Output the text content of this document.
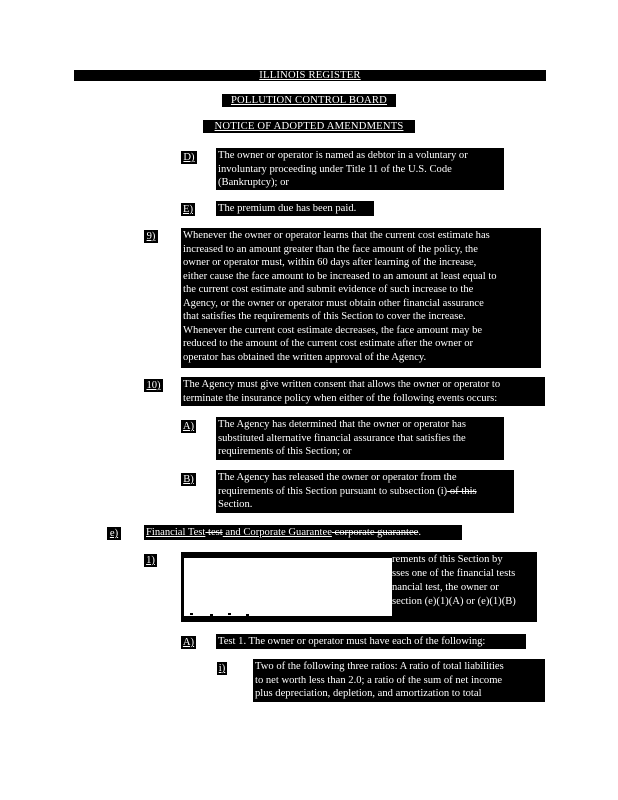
ILLINOIS REGISTER
POLLUTION CONTROL BOARD
NOTICE OF ADOPTED AMENDMENTS
D) The owner or operator is named as debtor in a voluntary or
involuntary proceeding under Title 11 of the U.S. Code
(Bankruptcy); or
E) The premium due has been paid.
9)	Whenever the owner or operator learns that the current cost estimate has
increased to an amount greater than the face amount of the policy, the
owner or operator must, within 60 days after learning of the increase,
either cause the face amount to be increased to an amount at least equal to
the current cost estimate and submit evidence of such increase to the
Agency, or the owner or operator must obtain other financial assurance
that satisfies the requirements of this Section to cover the increase.
Whenever the current cost estimate decreases, the face amount may be
reduced to the amount of the current cost estimate after the owner or
operator has obtained the written approval of the Agency.
10) The Agency must give written consent that allows the owner or operator to
terminate the insurance policy when either of the following events occurs:
A) The Agency has determined that the owner or operator has
substituted alternative financial assurance that satisfies the
requirements of this Section; or
B) The Agency has released the owner or operator from the
requirements of this Section pursuant to subsection (i) of this
Section.
e)	Financial Test test and Corporate Guarantee corporate guarantee.
1)	rements of this Section by
sses one of the financial tests
nancial test, the owner or
section (e)(1)(A) or (e)(1)(B)
A) Test 1. The owner or operator must have each of the following:
i)	Two of the following three ratios: A ratio of total liabilities
to net worth less than 2.0; a ratio of the sum of net income
plus depreciation, depletion, and amortization to total
